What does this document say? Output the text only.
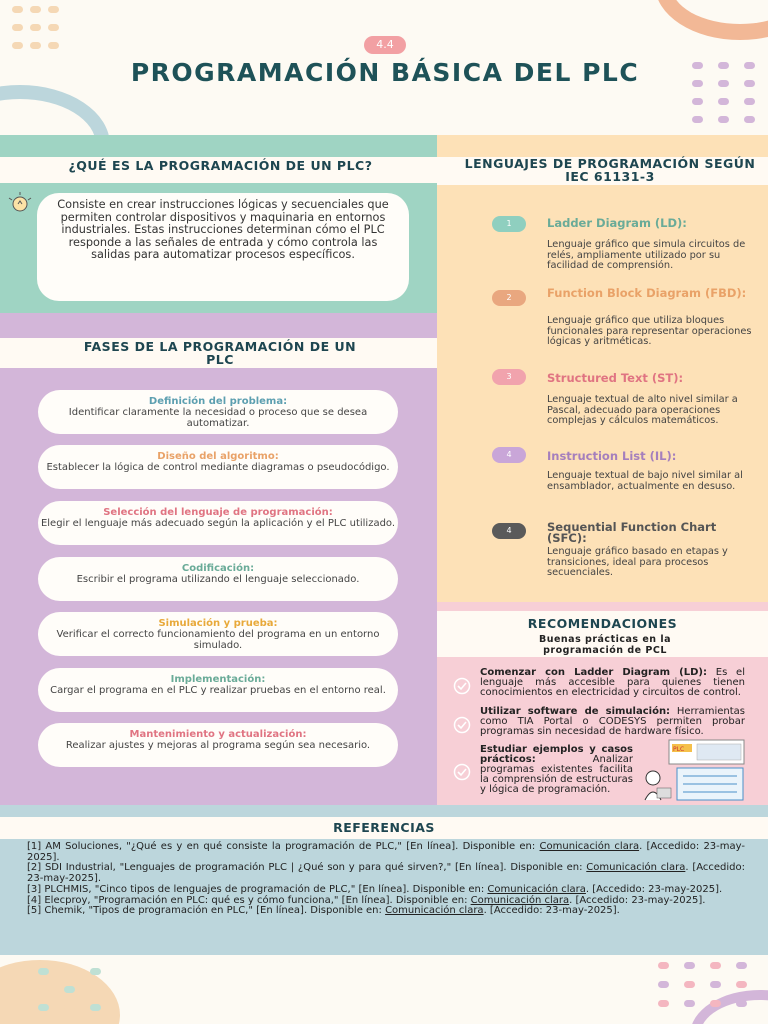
4.4
PROGRAMACIÓN BÁSICA DEL PLC
¿QUÉ ES LA PROGRAMACIÓN DE UN PLC?
Consiste en crear instrucciones lógicas y secuenciales que permiten controlar dispositivos y maquinaria en entornos industriales. Estas instrucciones determinan cómo el PLC responde a las señales de entrada y cómo controla las salidas para automatizar procesos específicos.
FASES DE LA PROGRAMACIÓN DE UN PLC
Definición del problema:
Identificar claramente la necesidad o proceso que se desea automatizar.
Diseño del algoritmo:
Establecer la lógica de control mediante diagramas o pseudocódigo.
Selección del lenguaje de programación:
Elegir el lenguaje más adecuado según la aplicación y el PLC utilizado.
Codificación:
Escribir el programa utilizando el lenguaje seleccionado.
Simulación y prueba:
Verificar el correcto funcionamiento del programa en un entorno simulado.
Implementación:
Cargar el programa en el PLC y realizar pruebas en el entorno real.
Mantenimiento y actualización:
Realizar ajustes y mejoras al programa según sea necesario.
LENGUAJES DE PROGRAMACIÓN SEGÚN IEC 61131-3
1	Ladder Diagram (LD):
Lenguaje gráfico que simula circuitos de relés, ampliamente utilizado por su facilidad de comprensión.
2	Function Block Diagram (FBD):
Lenguaje gráfico que utiliza bloques funcionales para representar operaciones lógicas y aritméticas.
3	Structured Text (ST):
Lenguaje textual de alto nivel similar a Pascal, adecuado para operaciones complejas y cálculos matemáticos.
4	Instruction List (IL):
Lenguaje textual de bajo nivel similar al ensamblador, actualmente en desuso.
4	Sequential Function Chart (SFC):
Lenguaje gráfico basado en etapas y transiciones, ideal para procesos secuenciales.
RECOMENDACIONES
Buenas prácticas en la programación de PCL
Comenzar con Ladder Diagram (LD): Es el lenguaje más accesible para quienes tienen conocimientos en electricidad y circuitos de control.
Utilizar software de simulación: Herramientas como TIA Portal o CODESYS permiten probar programas sin necesidad de hardware físico.
Estudiar ejemplos y casos prácticos: Analizar programas existentes facilita la comprensión de estructuras y lógica de programación.
PLC
REFERENCIAS

[1] AM Soluciones, "¿Qué es y en qué consiste la programación de PLC," [En línea]. Disponible en: Comunicación clara. [Accedido: 23-may-2025].

[2] SDI Industrial, "Lenguajes de programación PLC | ¿Qué son y para qué sirven?," [En línea]. Disponible en: Comunicación clara. [Accedido: 23-may-2025].

[3] PLCHMIS, "Cinco tipos de lenguajes de programación de PLC," [En línea]. Disponible en: Comunicación clara. [Accedido: 23-may-2025].

[4] Elecproy, "Programación en PLC: qué es y cómo funciona," [En línea]. Disponible en: Comunicación clara. [Accedido: 23-may-2025].

[5] Chemik, "Tipos de programación en PLC," [En línea]. Disponible en: Comunicación clara. [Accedido: 23-may-2025].
